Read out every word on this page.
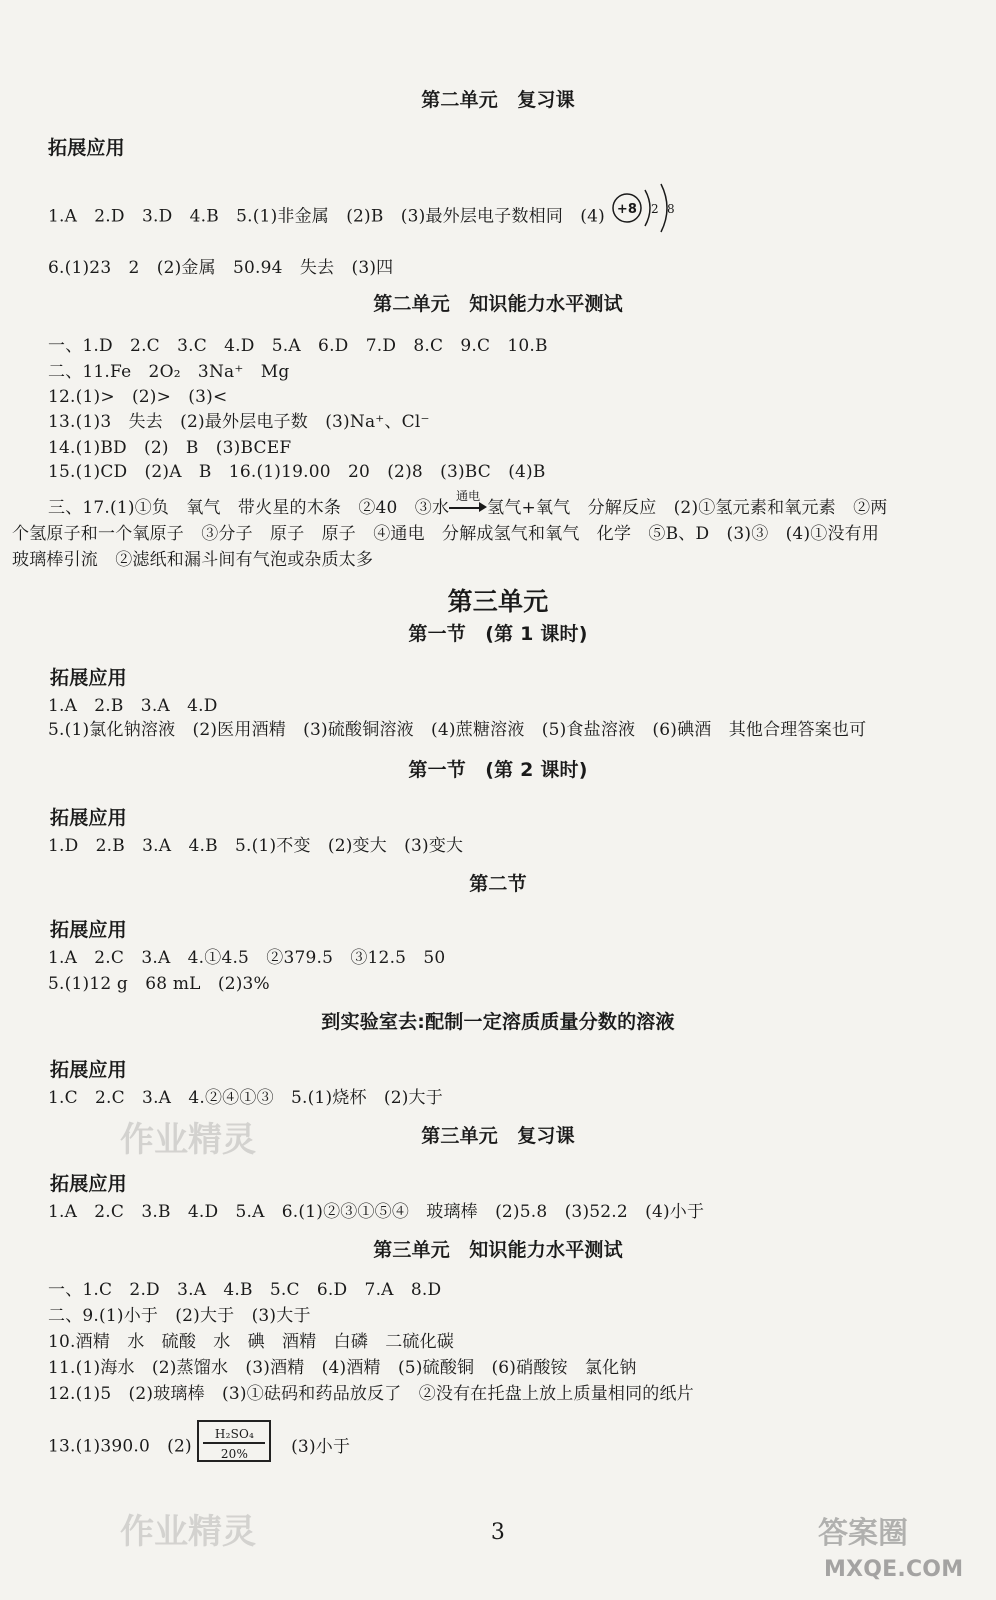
第二单元　复习课
拓展应用
1.A　2.D　3.D　4.B　5.(1)非金属　(2)B　(3)最外层电子数相同　(4) +8 2 8
6.(1)23　2　(2)金属　50.94　失去　(3)四
第二单元　知识能力水平测试
一、1.D　2.C　3.C　4.D　5.A　6.D　7.D　8.C　9.C　10.B
二、11.Fe　2O₂　3Na⁺　Mg
12.(1)>　(2)>　(3)<
13.(1)3　失去　(2)最外层电子数　(3)Na⁺、Cl⁻
14.(1)BD　(2)　B　(3)BCEF
15.(1)CD　(2)A　B　16.(1)19.00　20　(2)8　(3)BC　(4)B
三、17.(1)①负　氧气　带火星的木条　②40　③水
通电
氢气+氧气　分解反应　(2)①氢元素和氧元素　②两
个氢原子和一个氧原子　③分子　原子　原子　④通电　分解成氢气和氧气　化学　⑤B、D　(3)③　(4)①没有用
玻璃棒引流　②滤纸和漏斗间有气泡或杂质太多
第三单元
第一节　(第 1 课时)
拓展应用
1.A　2.B　3.A　4.D
5.(1)氯化钠溶液　(2)医用酒精　(3)硫酸铜溶液　(4)蔗糖溶液　(5)食盐溶液　(6)碘酒　其他合理答案也可
第一节　(第 2 课时)
拓展应用
1.D　2.B　3.A　4.B　5.(1)不变　(2)变大　(3)变大
第二节
拓展应用
1.A　2.C　3.A　4.①4.5　②379.5　③12.5　50
5.(1)12 g　68 mL　(2)3%
到实验室去:配制一定溶质质量分数的溶液
拓展应用
1.C　2.C　3.A　4.②④①③　5.(1)烧杯　(2)大于
第三单元　复习课
拓展应用
1.A　2.C　3.B　4.D　5.A　6.(1)②③①⑤④　玻璃棒　(2)5.8　(3)52.2　(4)小于
第三单元　知识能力水平测试
一、1.C　2.D　3.A　4.B　5.C　6.D　7.A　8.D
二、9.(1)小于　(2)大于　(3)大于
10.酒精　水　硫酸　水　碘　酒精　白磷　二硫化碳
11.(1)海水　(2)蒸馏水　(3)酒精　(4)酒精　(5)硫酸铜　(6)硝酸铵　氯化钠
12.(1)5　(2)玻璃棒　(3)①砝码和药品放反了　②没有在托盘上放上质量相同的纸片
13.(1)390.0　$(2) \frac{\text{H₂SO₄}}{20\%} (3)$小于
3
作业精灵
作业精灵	答案圈
MXQE.COM
